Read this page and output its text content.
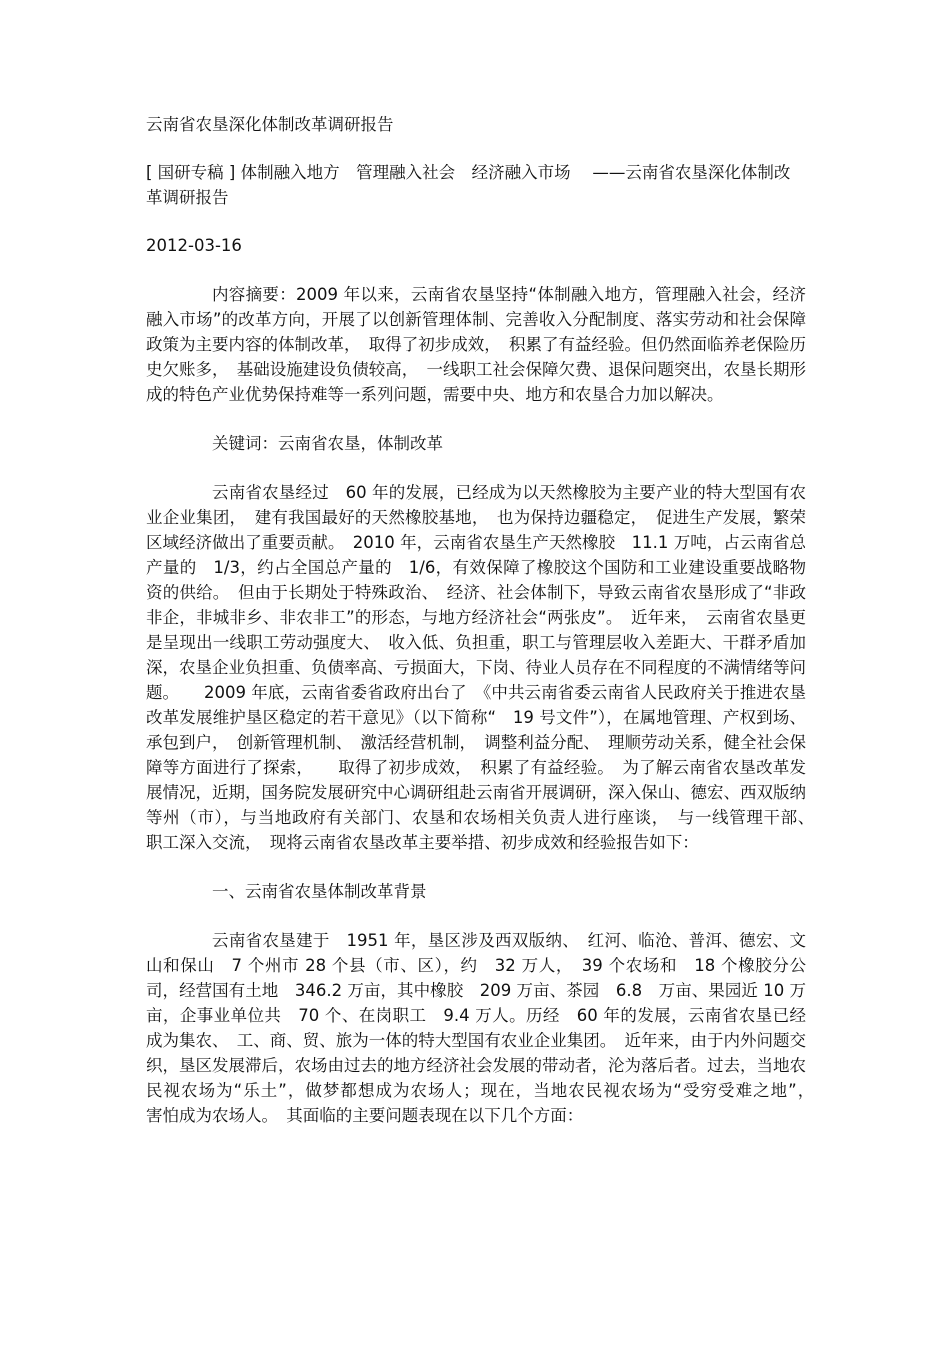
云南省农垦深化体制改革调研报告
[ 国研专稿 ] 体制融入地方　管理融入社会　经济融入市场　 ——云南省农垦深化体制改革调研报告
2012-03-16
内容摘要：2009 年以来，云南省农垦坚持“体制融入地方，管理融入社会，经济融入市场”的改革方向，开展了以创新管理体制、完善收入分配制度、落实劳动和社会保障政策为主要内容的体制改革，　取得了初步成效，　积累了有益经验。但仍然面临养老保险历史欠账多，　基础设施建设负债较高，　一线职工社会保障欠费、退保问题突出，农垦长期形成的特色产业优势保持难等一系列问题，需要中央、地方和农垦合力加以解决。
关键词：云南省农垦，体制改革
云南省农垦经过　60 年的发展，已经成为以天然橡胶为主要产业的特大型国有农业企业集团，　建有我国最好的天然橡胶基地，　也为保持边疆稳定，　促进生产发展，繁荣区域经济做出了重要贡献。　2010 年，云南省农垦生产天然橡胶　11.1 万吨，占云南省总产量的　1/3，约占全国总产量的　1/6，有效保障了橡胶这个国防和工业建设重要战略物资的供给。　但由于长期处于特殊政治、　经济、社会体制下，导致云南省农垦形成了“非政非企，非城非乡、非农非工”的形态，与地方经济社会“两张皮”。　近年来，　云南省农垦更是呈现出一线职工劳动强度大、　收入低、负担重，职工与管理层收入差距大、干群矛盾加深，农垦企业负担重、负债率高、亏损面大，下岗、待业人员存在不同程度的不满情绪等问题。　　2009 年底，云南省委省政府出台了　《中共云南省委云南省人民政府关于推进农垦改革发展维护垦区稳定的若干意见》（以下简称“　19 号文件”），在属地管理、产权到场、承包到户，　创新管理机制、　激活经营机制，　调整利益分配、　理顺劳动关系，健全社会保障等方面进行了探索，　　取得了初步成效，　积累了有益经验。　为了解云南省农垦改革发展情况，近期，国务院发展研究中心调研组赴云南省开展调研，深入保山、德宏、西双版纳等州（市），与当地政府有关部门、农垦和农场相关负责人进行座谈，　与一线管理干部、　职工深入交流，　现将云南省农垦改革主要举措、初步成效和经验报告如下：
一、云南省农垦体制改革背景
云南省农垦建于　1951 年，垦区涉及西双版纳、　红河、临沧、普洱、德宏、文山和保山　7 个州市 28 个县（市、区），约　32 万人，　39 个农场和　18 个橡胶分公司，经营国有土地　346.2 万亩，其中橡胶　209 万亩、茶园　6.8　万亩、果园近 10 万亩，企事业单位共　70 个、在岗职工　9.4 万人。历经　60 年的发展，云南省农垦已经成为集农、　工、商、贸、旅为一体的特大型国有农业企业集团。　近年来，由于内外问题交织，垦区发展滞后，农场由过去的地方经济社会发展的带动者，沦为落后者。过去，当地农民视农场为“乐土”，做梦都想成为农场人；现在，当地农民视农场为“受穷受难之地”，　　害怕成为农场人。　其面临的主要问题表现在以下几个方面：
